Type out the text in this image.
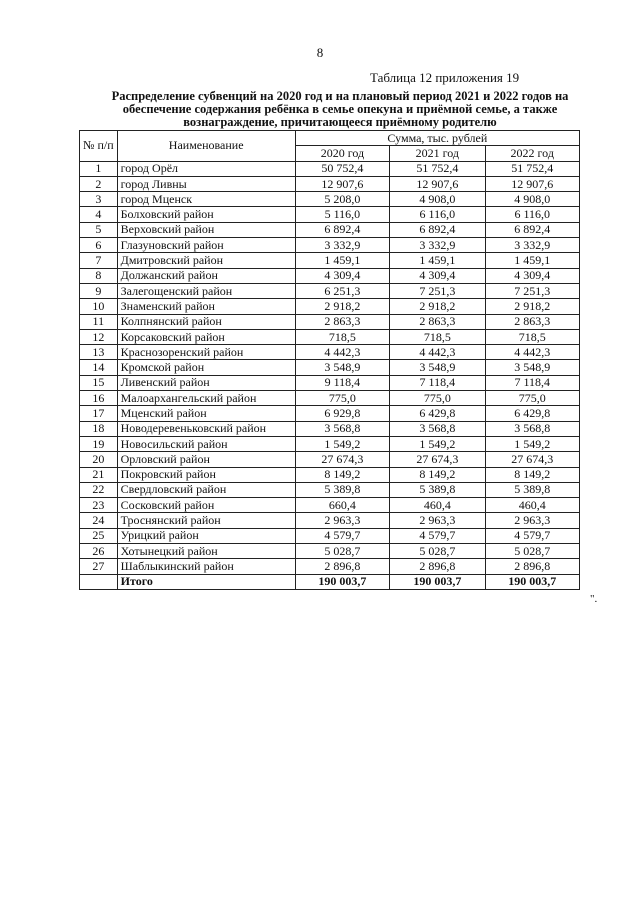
8
Таблица 12 приложения 19
Распределение субвенций на 2020 год и на плановый период 2021 и 2022 годов на обеспечение содержания ребёнка в семье опекуна и приёмной семье, а также вознаграждение, причитающееся приёмному родителю
№ п/п	Наименование	Сумма, тыс. рублей		
		2020 год	2021 год	2022 год
1	город Орёл	50 752,4	51 752,4	51 752,4
2	город Ливны	12 907,6	12 907,6	12 907,6
3	город Мценск	5 208,0	4 908,0	4 908,0
4	Болховский район	5 116,0	6 116,0	6 116,0
5	Верховский район	6 892,4	6 892,4	6 892,4
6	Глазуновский район	3 332,9	3 332,9	3 332,9
7	Дмитровский район	1 459,1	1 459,1	1 459,1
8	Должанский район	4 309,4	4 309,4	4 309,4
9	Залегощенский район	6 251,3	7 251,3	7 251,3
10	Знаменский район	2 918,2	2 918,2	2 918,2
11	Колпнянский район	2 863,3	2 863,3	2 863,3
12	Корсаковский район	718,5	718,5	718,5
13	Краснозоренский район	4 442,3	4 442,3	4 442,3
14	Кромской район	3 548,9	3 548,9	3 548,9
15	Ливенский район	9 118,4	7 118,4	7 118,4
16	Малоархангельский район	775,0	775,0	775,0
17	Мценский район	6 929,8	6 429,8	6 429,8
18	Новодеревеньковский район	3 568,8	3 568,8	3 568,8
19	Новосильский район	1 549,2	1 549,2	1 549,2
20	Орловский район	27 674,3	27 674,3	27 674,3
21	Покровский район	8 149,2	8 149,2	8 149,2
22	Свердловский район	5 389,8	5 389,8	5 389,8
23	Сосковский район	660,4	460,4	460,4
24	Троснянский район	2 963,3	2 963,3	2 963,3
25	Урицкий район	4 579,7	4 579,7	4 579,7
26	Хотынецкий район	5 028,7	5 028,7	5 028,7
27	Шаблыкинский район	2 896,8	2 896,8	2 896,8
	Итого	190 003,7	190 003,7	190 003,7
".
